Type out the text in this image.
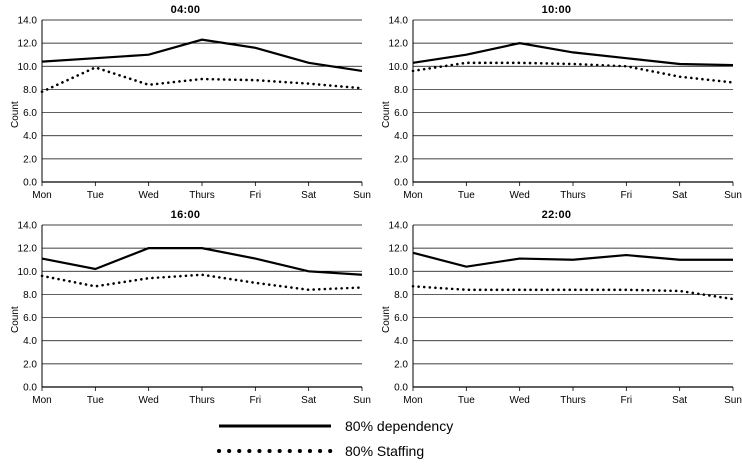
04:00
Count
0.0
2.0
4.0
6.0
8.0
10.0
12.0
14.0
Mon	Tue	Wed	Thurs	Fri	Sat	Sun
10:00
Count
0.0
2.0
4.0
6.0
8.0
10.0
12.0
14.0
Mon	Tue	Wed	Thurs	Fri	Sat	Sun
16:00
Count
0.0
2.0
4.0
6.0
8.0
10.0
12.0
14.0
Mon	Tue	Wed	Thurs	Fri	Sat	Sun
22:00
Count
0.0
2.0
4.0
6.0
8.0
10.0
12.0
14.0
Mon	Tue	Wed	Thurs	Fri	Sat	Sun
80% dependency
80% Staffing
